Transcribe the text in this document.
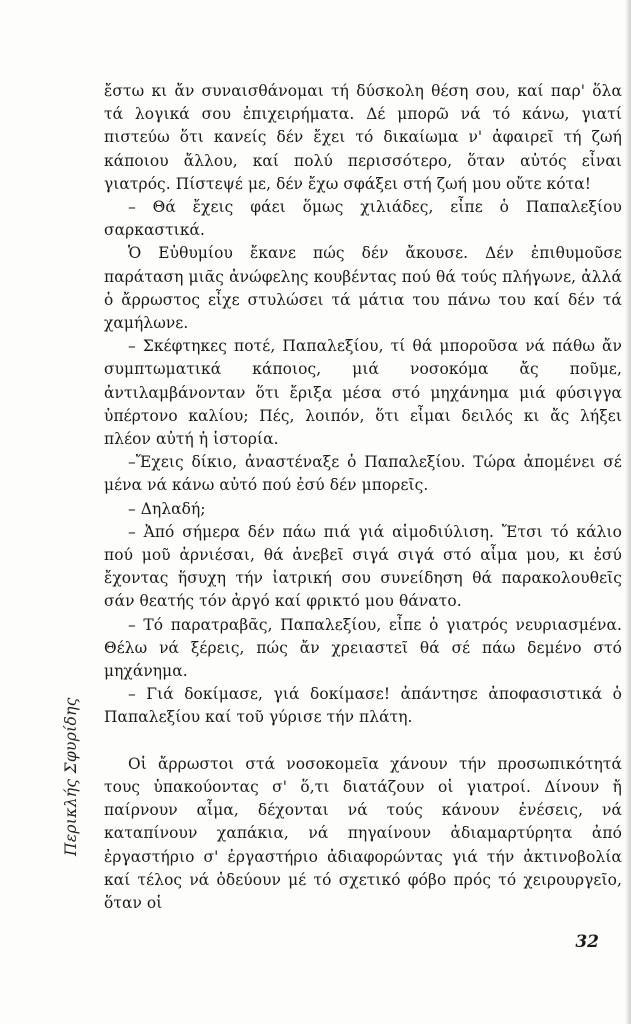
ἔστω κι ἄν συναισθάνομαι τή δύσκολη θέση σου, καί παρ' ὅλα τά λογικά σου ἐπιχειρήματα. Δέ μπορῶ νά τό κάνω, γιατί πιστεύω ὅτι κανείς δέν ἔχει τό δικαίωμα ν' ἀφαιρεῖ τή ζωή κάποιου ἄλλου, καί πολύ περισσότερο, ὅταν αὐτός εἶναι γιατρός. Πίστεψέ με, δέν ἔχω σφάξει στή ζωή μου οὔτε κότα!

– Θά ἔχεις φάει ὅμως χιλιάδες, εἶπε ὁ Παπαλεξίου σαρκαστικά.

Ὁ Εὐθυμίου ἔκανε πώς δέν ἄκουσε. Δέν ἐπιθυμοῦσε παράταση μιᾶς ἀνώφελης κουβέντας πού θά τούς πλήγωνε, ἀλλά ὁ ἄρρωστος εἶχε στυλώσει τά μάτια του πάνω του καί δέν τά χαμήλωνε.

– Σκέφτηκες ποτέ, Παπαλεξίου, τί θά μποροῦσα νά πάθω ἄν συμπτωματικά κάποιος, μιά νοσοκόμα ἄς ποῦμε, ἀντιλαμβάνονταν ὅτι ἔριξα μέσα στό μηχάνημα μιά φύσιγγα ὑπέρτονο καλίου; Πές, λοιπόν, ὅτι εἶμαι δειλός κι ἄς λήξει πλέον αὐτή ἡ ἱστορία.

–Ἔχεις δίκιο, ἀναστέναξε ὁ Παπαλεξίου. Τώρα ἀπομένει σέ μένα νά κάνω αὐτό πού ἐσύ δέν μπορεῖς.

– Δηλαδή;

– Ἀπό σήμερα δέν πάω πιά γιά αἱμοδιύλιση. Ἔτσι τό κάλιο πού μοῦ ἀρνιέσαι, θά ἀνεβεῖ σιγά σιγά στό αἷμα μου, κι ἐσύ ἔχοντας ἥσυχη τήν ἰατρική σου συνείδηση θά παρακολουθεῖς σάν θεατής τόν ἀργό καί φρικτό μου θάνατο.

– Τό παρατραβᾶς, Παπαλεξίου, εἶπε ὁ γιατρός νευριασμένα. Θέλω νά ξέρεις, πώς ἄν χρειαστεῖ θά σέ πάω δεμένο στό μηχάνημα.

– Γιά δοκίμασε, γιά δοκίμασε! ἀπάντησε ἀποφασιστικά ὁ Παπαλεξίου καί τοῦ γύρισε τήν πλάτη.

Οἱ ἄρρωστοι στά νοσοκομεῖα χάνουν τήν προσωπικότητά τους ὑπακούοντας σ' ὅ,τι διατάζουν οἱ γιατροί. Δίνουν ἤ παίρνουν αἷμα, δέχονται νά τούς κάνουν ἐνέσεις, νά καταπίνουν χαπάκια, νά πηγαίνουν ἀδιαμαρτύρητα ἀπό ἐργαστήριο σ' ἐργαστήριο ἀδιαφορώντας γιά τήν ἀκτινοβολία καί τέλος νά ὁδεύουν μέ τό σχετικό φόβο πρός τό χειρουργεῖο, ὅταν οἱ

Περικλής Σφυρίδης
32
